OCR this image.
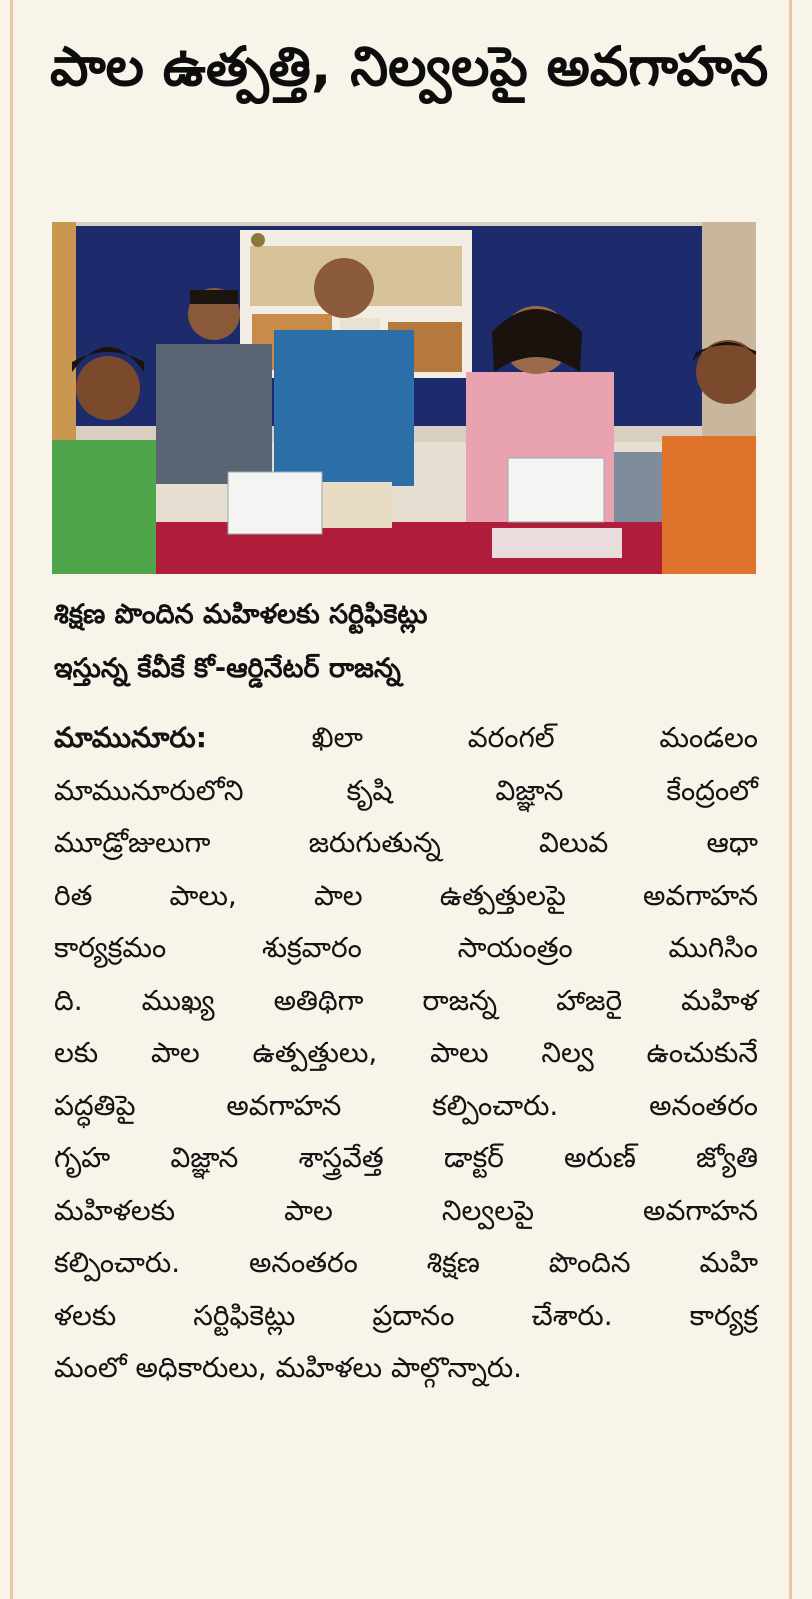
పాల ఉత్పత్తి, నిల్వలపై అవగాహన
శిక్షణ పొందిన మహిళలకు సర్టిఫికెట్లు
ఇస్తున్న కేవీకే కో-ఆర్డినేటర్ రాజన్న
మామునూరు: ఖిలా వరంగల్ మండలం
మామునూరులోని కృషి విజ్ఞాన కేంద్రంలో
మూడ్రోజులుగా జరుగుతున్న విలువ ఆధా
రిత పాలు, పాల ఉత్పత్తులపై అవగాహన
కార్యక్రమం శుక్రవారం సాయంత్రం ముగిసిం
ది. ముఖ్య అతిథిగా రాజన్న హాజరై మహిళ
లకు పాల ఉత్పత్తులు, పాలు నిల్వ ఉంచుకునే
పద్ధతిపై అవగాహన కల్పించారు. అనంతరం
గృహ విజ్ఞాన శాస్త్రవేత్త డాక్టర్ అరుణ్ జ్యోతి
మహిళలకు పాల నిల్వలపై అవగాహన
కల్పించారు. అనంతరం శిక్షణ పొందిన మహి
ళలకు సర్టిఫికెట్లు ప్రదానం చేశారు. కార్యక్ర
మంలో అధికారులు, మహిళలు పాల్గొన్నారు.
